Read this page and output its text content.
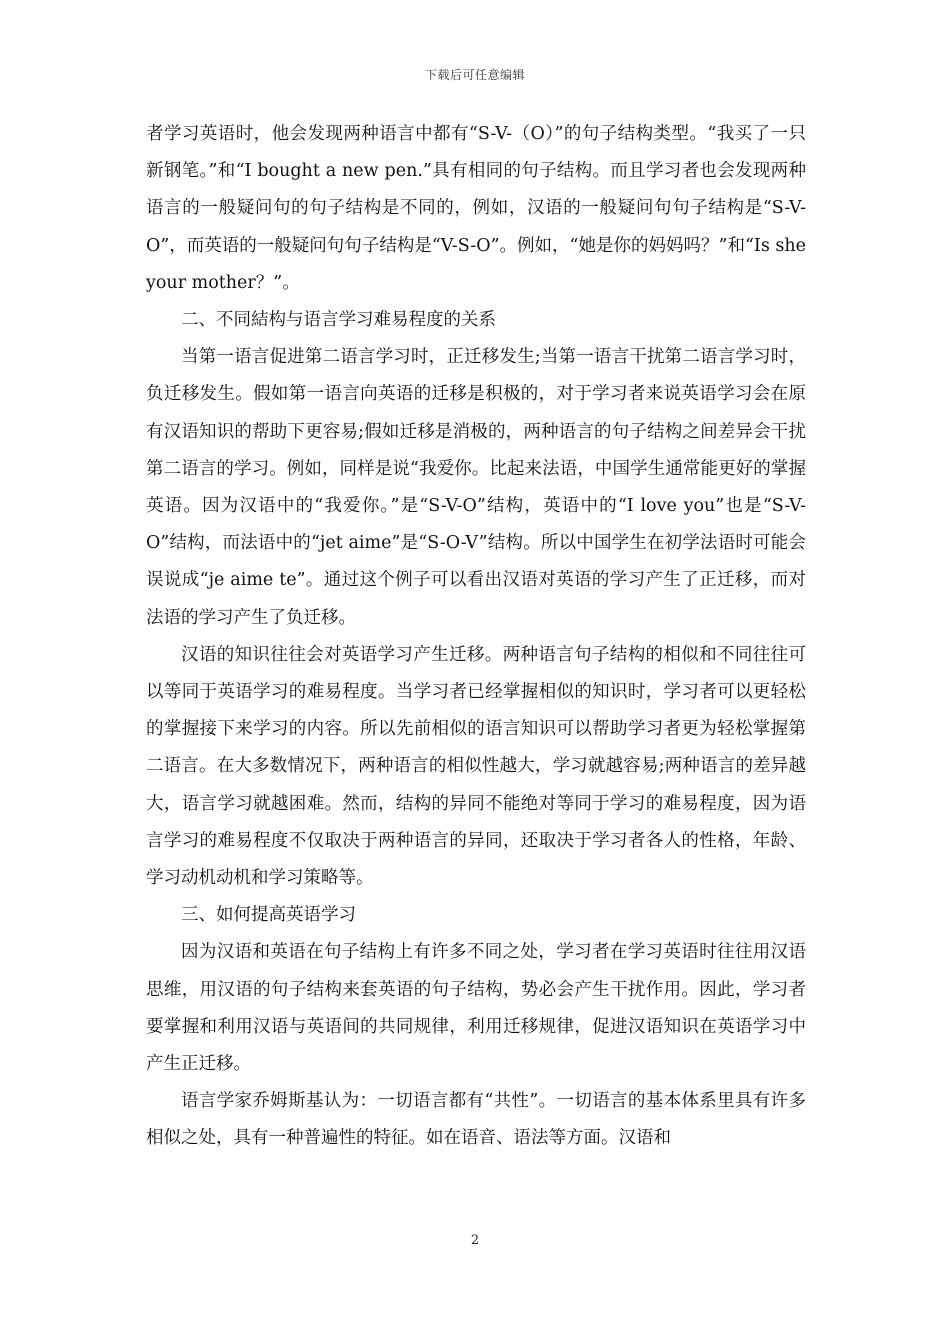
下载后可任意编辑

者学习英语时，他会发现两种语言中都有“S-V-（O）”的句子结构类型。“我买了一只新钢笔。”和“I bought a new pen.”具有相同的句子结构。而且学习者也会发现两种语言的一般疑问句的句子结构是不同的，例如，汉语的一般疑问句句子结构是“S-V-O”，而英语的一般疑问句句子结构是“V-S-O”。例如，“她是你的妈妈吗？”和“Is she your mother？”。

二、不同結构与语言学习难易程度的关系

当第一语言促进第二语言学习时，正迁移发生;当第一语言干扰第二语言学习时，负迁移发生。假如第一语言向英语的迁移是积极的，对于学习者来说英语学习会在原有汉语知识的帮助下更容易;假如迁移是消极的，两种语言的句子结构之间差异会干扰第二语言的学习。例如，同样是说“我爱你。比起来法语，中国学生通常能更好的掌握英语。因为汉语中的“我爱你。”是“S-V-O”结构，英语中的“I love you”也是“S-V-O”结构，而法语中的“jet aime”是“S-O-V”结构。所以中国学生在初学法语时可能会误说成“je aime te”。通过这个例子可以看出汉语对英语的学习产生了正迁移，而对法语的学习产生了负迁移。

汉语的知识往往会对英语学习产生迁移。两种语言句子结构的相似和不同往往可以等同于英语学习的难易程度。当学习者已经掌握相似的知识时，学习者可以更轻松的掌握接下来学习的内容。所以先前相似的语言知识可以帮助学习者更为轻松掌握第二语言。在大多数情况下，两种语言的相似性越大，学习就越容易;两种语言的差异越大，语言学习就越困难。然而，结构的异同不能绝对等同于学习的难易程度，因为语言学习的难易程度不仅取决于两种语言的异同，还取决于学习者各人的性格，年龄、学习动机动机和学习策略等。

三、如何提高英语学习

因为汉语和英语在句子结构上有许多不同之处，学习者在学习英语时往往用汉语思维，用汉语的句子结构来套英语的句子结构，势必会产生干扰作用。因此，学习者要掌握和利用汉语与英语间的共同规律，利用迁移规律，促进汉语知识在英语学习中产生正迁移。

语言学家乔姆斯基认为：一切语言都有“共性”。一切语言的基本体系里具有许多相似之处，具有一种普遍性的特征。如在语音、语法等方面。汉语和

2
